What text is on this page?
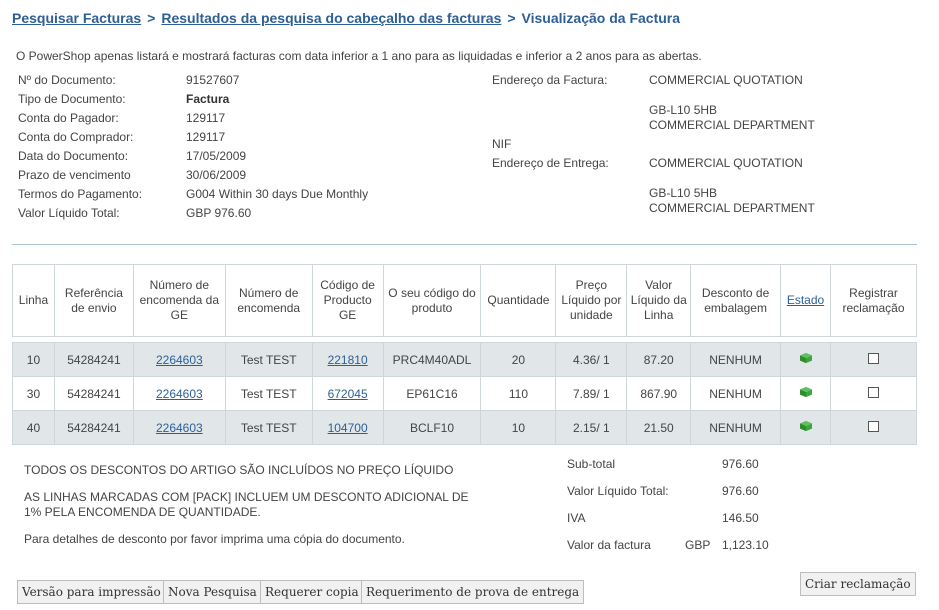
Pesquisar Facturas > Resultados da pesquisa do cabeçalho das facturas > Visualização da Factura
O PowerShop apenas listará e mostrará facturas com data inferior a 1 ano para as liquidadas e inferior a 2 anos para as abertas.
Nº do Documento:	91527607
Tipo de Documento:	Factura
Conta do Pagador:	129117
Conta do Comprador:	129117
Data do Documento:	17/05/2009
Prazo de vencimento	30/06/2009
Termos do Pagamento:	G004 Within 30 days Due Monthly
Valor Líquido Total:	GBP 976.60
Endereço da Factura:	COMMERCIAL QUOTATION
GB-L10 5HB
COMMERCIAL DEPARTMENT
NIF
Endereço de Entrega:	COMMERCIAL QUOTATION
GB-L10 5HB
COMMERCIAL DEPARTMENT
Linha	Referência de envio	Número de encomenda da GE	Número de encomenda	Código de Producto GE	O seu código do produto	Quantidade	Preço Líquido por unidade	Valor Líquido da Linha	Desconto de embalagem	Estado	Registrar reclamação

10	54284241	2264603	Test TEST	221810	PRC4M40ADL	20	4.36/ 1	87.20	NENHUM		
30	54284241	2264603	Test TEST	672045	EP61C16	110	7.89/ 1	867.90	NENHUM		
40	54284241	2264603	Test TEST	104700	BCLF10	10	2.15/ 1	21.50	NENHUM		
TODOS OS DESCONTOS DO ARTIGO SÃO INCLUÍDOS NO PREÇO LÍQUIDO
AS LINHAS MARCADAS COM [PACK] INCLUEM UM DESCONTO ADICIONAL DE
1% PELA ENCOMENDA DE QUANTIDADE.
Para detalhes de desconto por favor imprima uma cópia do documento.
Sub-total	976.60
Valor Líquido Total:	976.60
IVA	146.50
Valor da factura	GBP 1,123.10
Versão para impressão Nova Pesquisa Requerer copia Requerimento de prova de entrega
Criar reclamação
